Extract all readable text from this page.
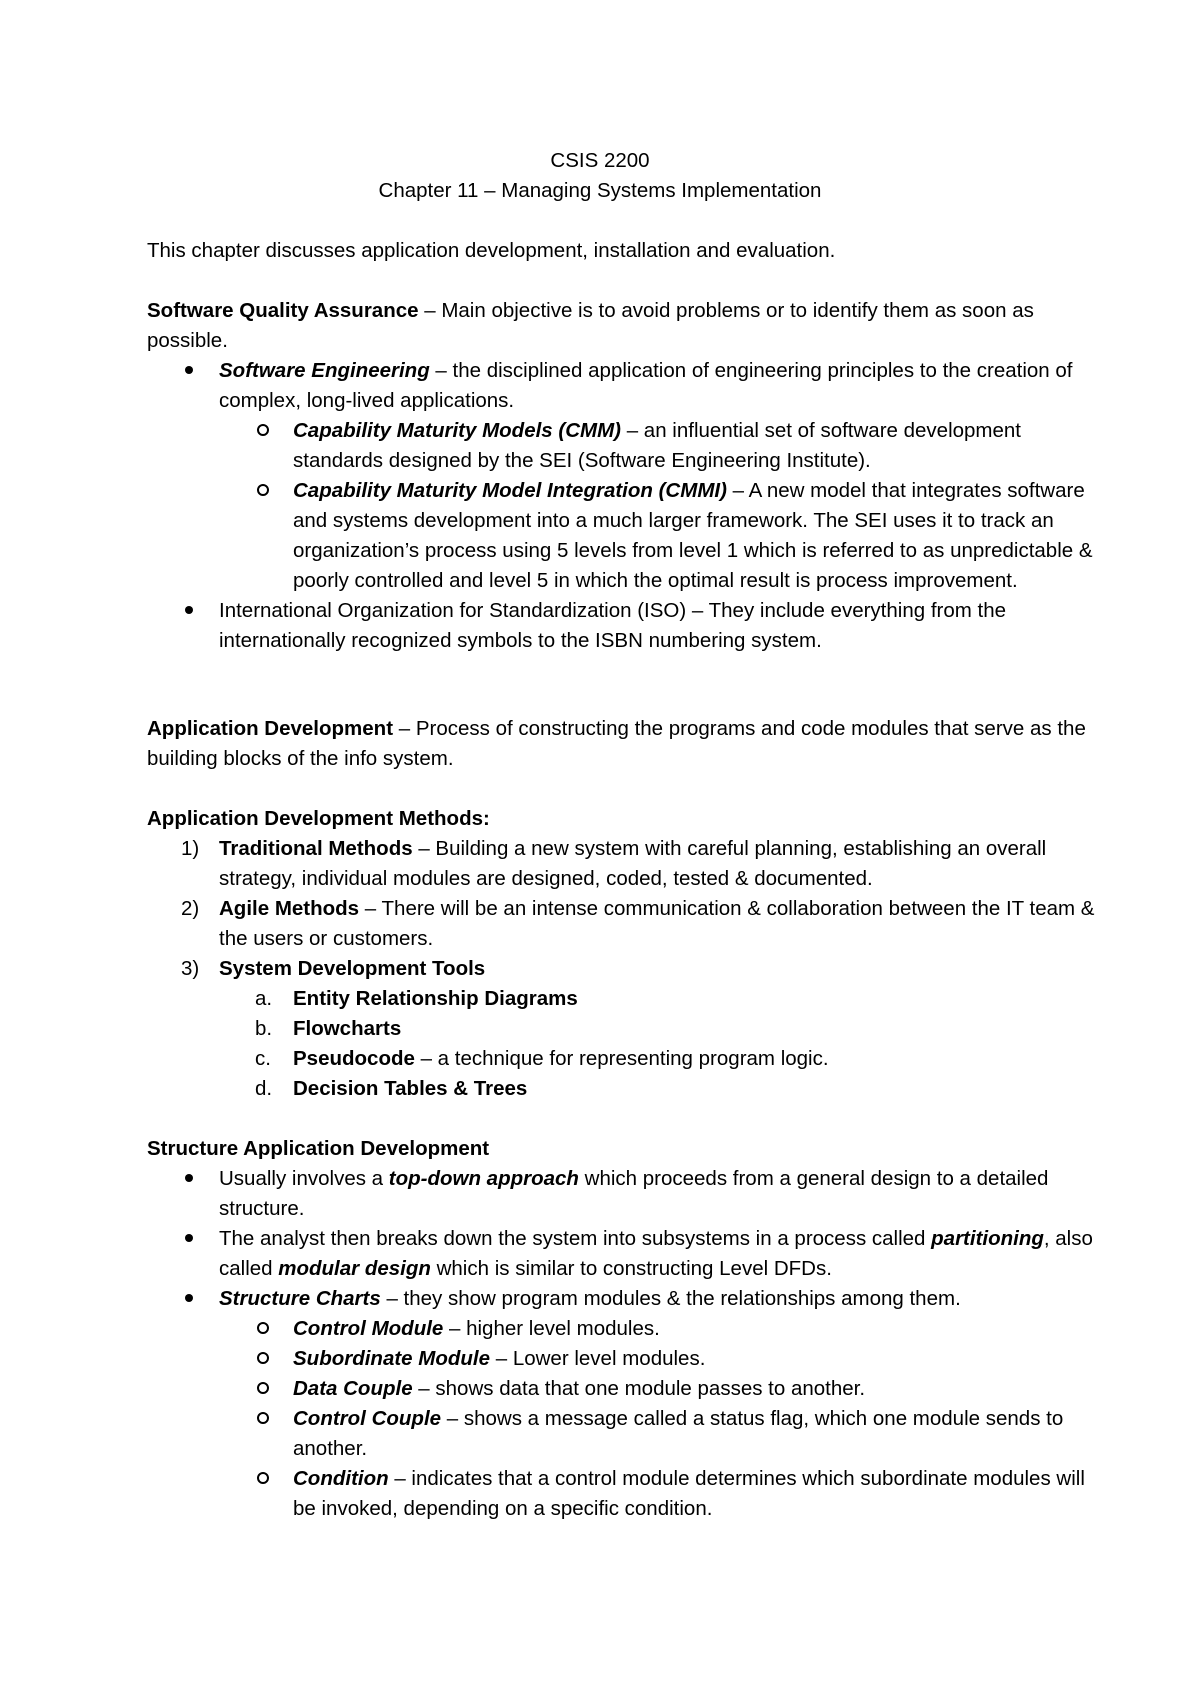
CSIS 2200

Chapter 11 – Managing Systems Implementation

This chapter discusses application development, installation and evaluation.

Software Quality Assurance – Main objective is to avoid problems or to identify them as soon as possible.

Software Engineering – the disciplined application of engineering principles to the creation of complex, long-lived applications.
Capability Maturity Models (CMM) – an influential set of software development standards designed by the SEI (Software Engineering Institute).
Capability Maturity Model Integration (CMMI) – A new model that integrates software and systems development into a much larger framework. The SEI uses it to track an organization’s process using 5 levels from level 1 which is referred to as unpredictable & poorly controlled and level 5 in which the optimal result is process improvement.
International Organization for Standardization (ISO) – They include everything from the internationally recognized symbols to the ISBN numbering system.

Application Development – Process of constructing the programs and code modules that serve as the building blocks of the info system.

Application Development Methods:

1) Traditional Methods – Building a new system with careful planning, establishing an overall strategy, individual modules are designed, coded, tested & documented.
2) Agile Methods – There will be an intense communication & collaboration between the IT team & the users or customers.
3) System Development Tools
a. Entity Relationship Diagrams
b. Flowcharts
c. Pseudocode – a technique for representing program logic.
d. Decision Tables & Trees

Structure Application Development

Usually involves a top-down approach which proceeds from a general design to a detailed structure.
The analyst then breaks down the system into subsystems in a process called partitioning, also called modular design which is similar to constructing Level DFDs.
Structure Charts – they show program modules & the relationships among them.
Control Module – higher level modules.
Subordinate Module – Lower level modules.
Data Couple – shows data that one module passes to another.
Control Couple – shows a message called a status flag, which one module sends to another.
Condition – indicates that a control module determines which subordinate modules will be invoked, depending on a specific condition.
